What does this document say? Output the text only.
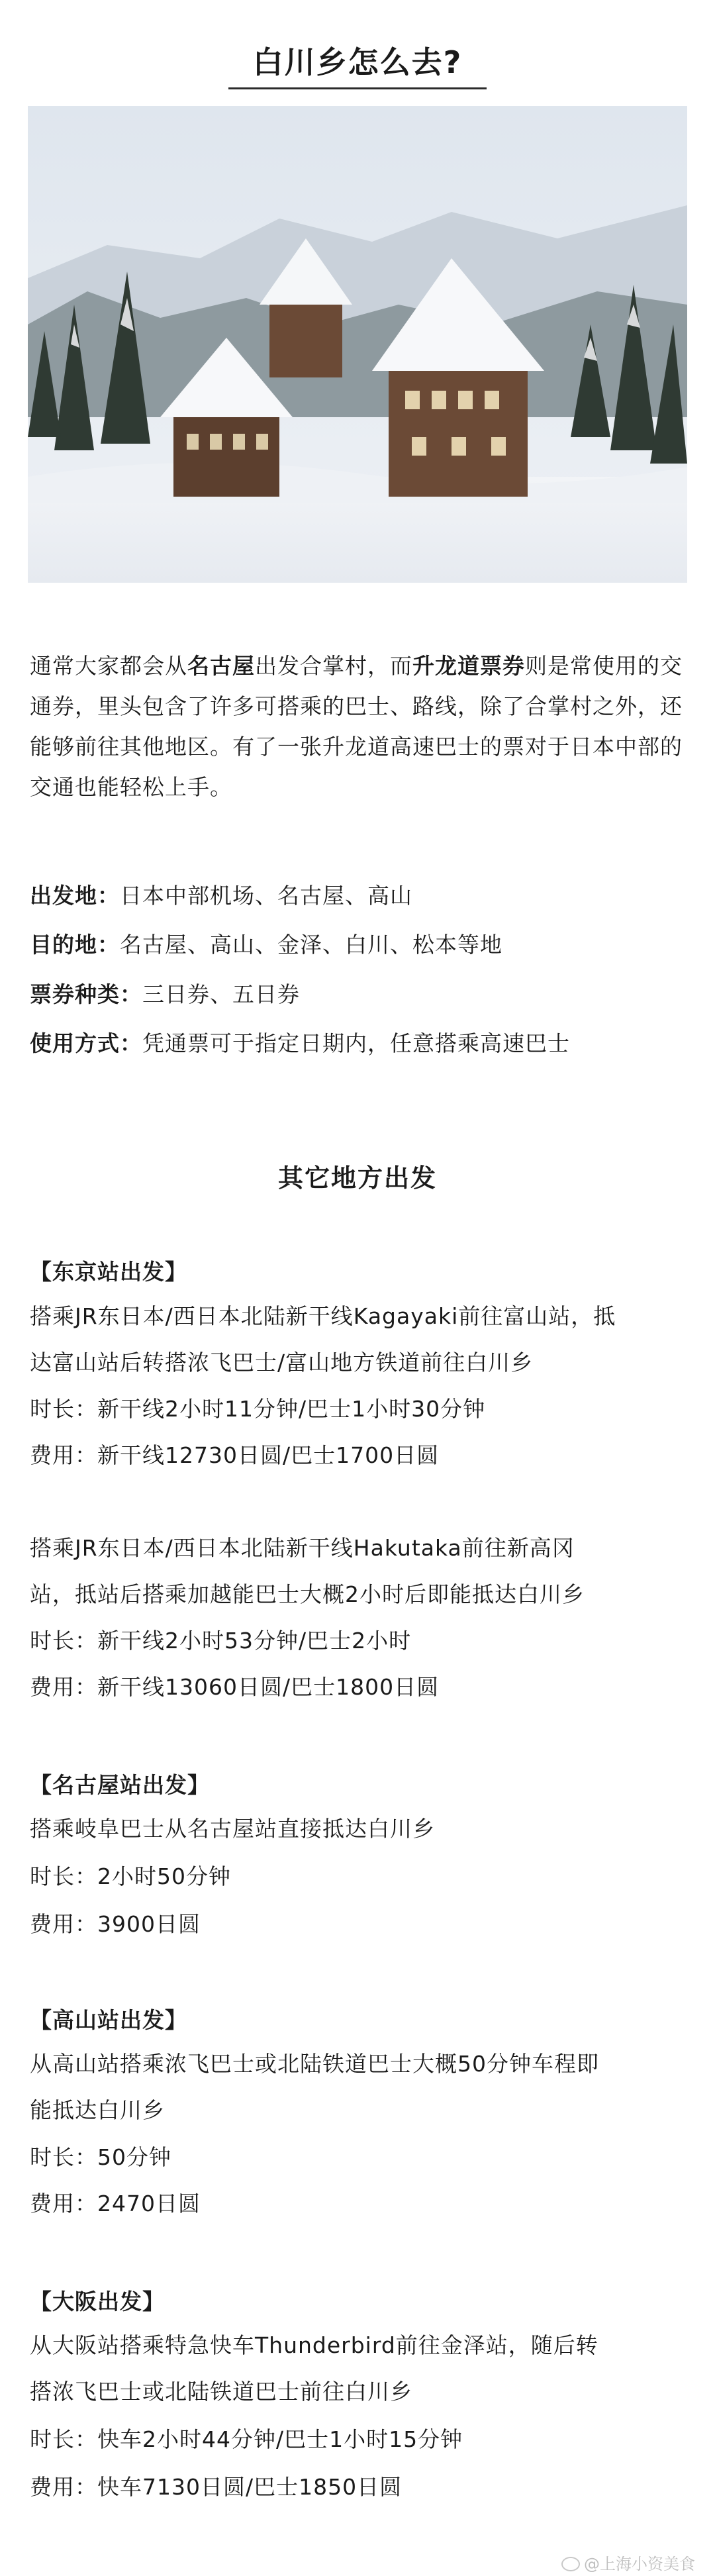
白川乡怎么去?
通常大家都会从名古屋出发合掌村，而升龙道票券则是常使用的交通券，里头包含了许多可搭乘的巴士、路线，除了合掌村之外，还能够前往其他地区。有了一张升龙道高速巴士的票对于日本中部的交通也能轻松上手。
出发地：日本中部机场、名古屋、高山
目的地：名古屋、高山、金泽、白川、松本等地
票券种类：三日券、五日券
使用方式：凭通票可于指定日期内，任意搭乘高速巴士
其它地方出发
【东京站出发】
搭乘JR东日本/西日本北陆新干线Kagayaki前往富山站，抵
达富山站后转搭浓飞巴士/富山地方铁道前往白川乡
时长：新干线2小时11分钟/巴士1小时30分钟
费用：新干线12730日圆/巴士1700日圆
搭乘JR东日本/西日本北陆新干线Hakutaka前往新高冈
站，抵站后搭乘加越能巴士大概2小时后即能抵达白川乡
时长：新干线2小时53分钟/巴士2小时
费用：新干线13060日圆/巴士1800日圆
【名古屋站出发】
搭乘岐阜巴士从名古屋站直接抵达白川乡
时长：2小时50分钟
费用：3900日圆
【高山站出发】
从高山站搭乘浓飞巴士或北陆铁道巴士大概50分钟车程即
能抵达白川乡
时长：50分钟
费用：2470日圆
【大阪出发】
从大阪站搭乘特急快车Thunderbird前往金泽站，随后转
搭浓飞巴士或北陆铁道巴士前往白川乡
时长：快车2小时44分钟/巴士1小时15分钟
费用：快车7130日圆/巴士1850日圆
@上海小资美食
